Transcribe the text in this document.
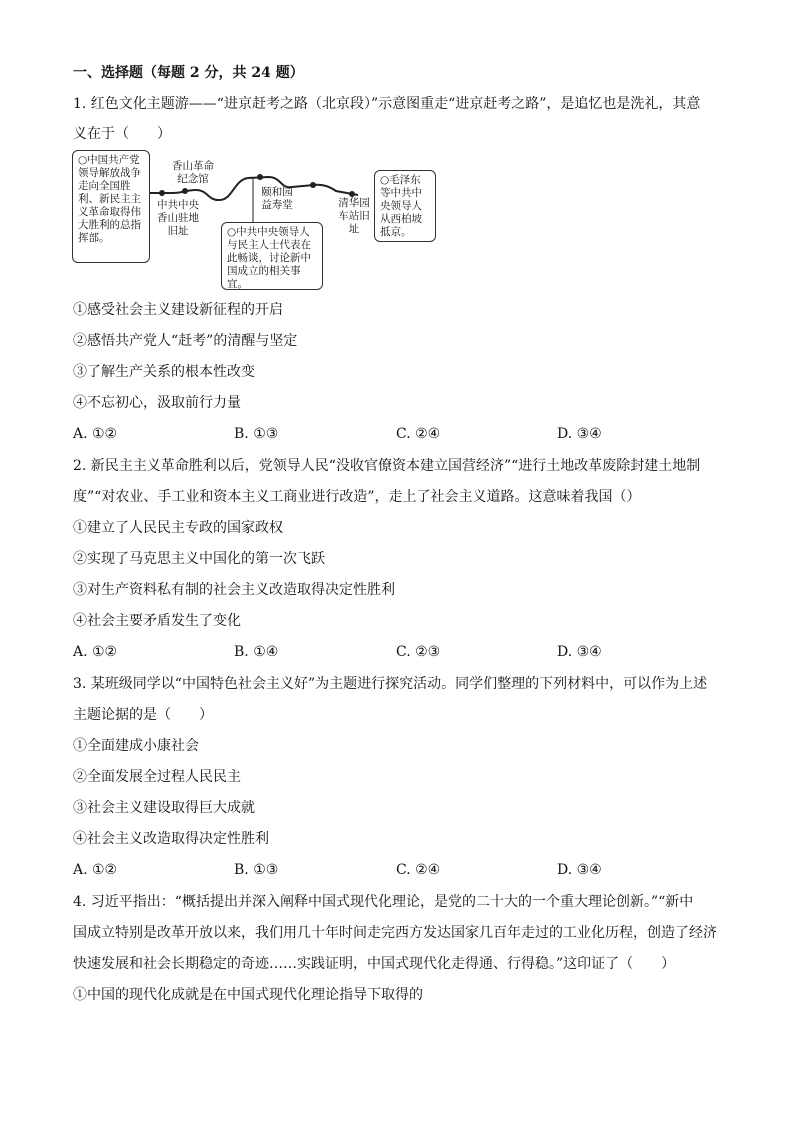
一、选择题（每题 2 分，共 24 题）
1. 红色文化主题游——“进京赶考之路（北京段）”示意图重走“进京赶考之路”，是追忆也是洗礼，其意
义在于（　　）
○中国共产党领导解放战争走向全国胜利、新民主主义革命取得伟大胜利的总指挥部。
中共中央香山驻地旧址
香山革命纪念馆
颐和园益寿堂	清华园车站旧址
○中共中央领导人与民主人士代表在此畅谈，讨论新中国成立的相关事宜。
○毛泽东等中共中央领导人从西柏坡抵京。
①感受社会主义建设新征程的开启
②感悟共产党人“赶考”的清醒与坚定
③了解生产关系的根本性改变
④不忘初心，汲取前行力量
A. ①②	B. ①③	C. ②④	D. ③④
2. 新民主主义革命胜利以后，党领导人民“没收官僚资本建立国营经济”“进行土地改革废除封建土地制
度”“对农业、手工业和资本主义工商业进行改造”，走上了社会主义道路。这意味着我国（）
①建立了人民民主专政的国家政权
②实现了马克思主义中国化的第一次飞跃
③对生产资料私有制的社会主义改造取得决定性胜利
④社会主要矛盾发生了变化
A. ①②	B. ①④	C. ②③	D. ③④
3. 某班级同学以“中国特色社会主义好”为主题进行探究活动。同学们整理的下列材料中，可以作为上述
主题论据的是（　　）
①全面建成小康社会
②全面发展全过程人民民主
③社会主义建设取得巨大成就
④社会主义改造取得决定性胜利
A. ①②	B. ①③	C. ②④	D. ③④
4. 习近平指出：“概括提出并深入阐释中国式现代化理论，是党的二十大的一个重大理论创新。”“新中
国成立特别是改革开放以来，我们用几十年时间走完西方发达国家几百年走过的工业化历程，创造了经济
快速发展和社会长期稳定的奇迹……实践证明，中国式现代化走得通、行得稳。”这印证了（　　）
①中国的现代化成就是在中国式现代化理论指导下取得的
